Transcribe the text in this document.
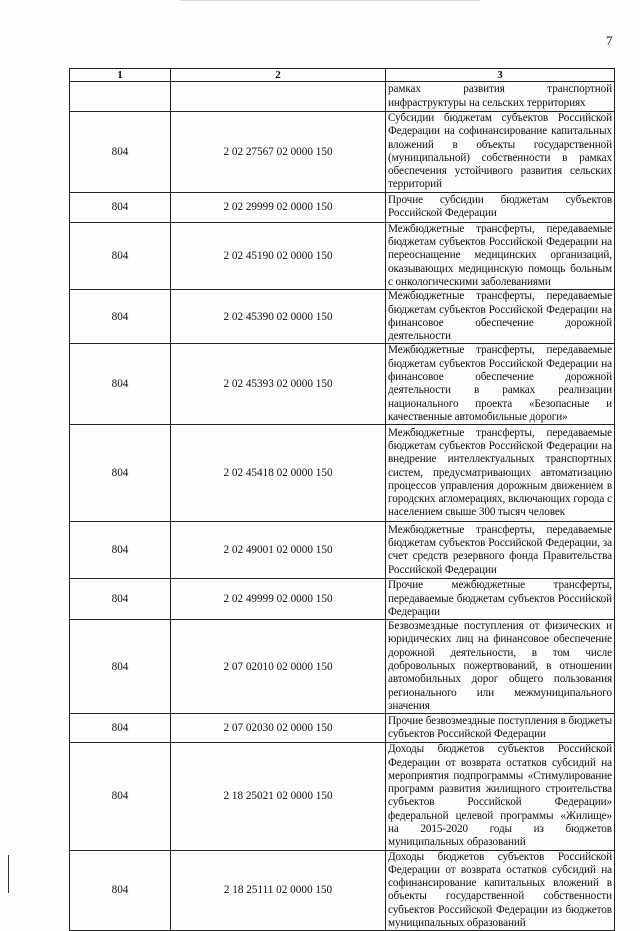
7
1	2	3
		рамках развития транспортной инфраструктуры на сельских территориях
804	2 02 27567 02 0000 150	Субсидии бюджетам субъектов Российской Федерации на софинансирование капитальных вложений в объекты государственной (муниципальной) собственности в рамках обеспечения устойчивого развития сельских территорий
804	2 02 29999 02 0000 150	Прочие субсидии бюджетам субъектов Российской Федерации
804	2 02 45190 02 0000 150	Межбюджетные трансферты, передаваемые бюджетам субъектов Российской Федерации на переоснащение медицинских организаций, оказывающих медицинскую помощь больным с онкологическими заболеваниями
804	2 02 45390 02 0000 150	Межбюджетные трансферты, передаваемые бюджетам субъектов Российской Федерации на финансовое обеспечение дорожной деятельности
804	2 02 45393 02 0000 150	Межбюджетные трансферты, передаваемые бюджетам субъектов Российской Федерации на финансовое обеспечение дорожной деятельности в рамках реализации национального проекта «Безопасные и качественные автомобильные дороги»
804	2 02 45418 02 0000 150	Межбюджетные трансферты, передаваемые бюджетам субъектов Российской Федерации на внедрение интеллектуальных транспортных систем, предусматривающих автоматизацию процессов управления дорожным движением в городских агломерациях, включающих города с населением свыше 300 тысяч человек
804	2 02 49001 02 0000 150	Межбюджетные трансферты, передаваемые бюджетам субъектов Российской Федерации, за счет средств резервного фонда Правительства Российской Федерации
804	2 02 49999 02 0000 150	Прочие межбюджетные трансферты, передаваемые бюджетам субъектов Российской Федерации
804	2 07 02010 02 0000 150	Безвозмездные поступления от физических и юридических лиц на финансовое обеспечение дорожной деятельности, в том числе добровольных пожертвований, в отношении автомобильных дорог общего пользования регионального или межмуниципального значения
804	2 07 02030 02 0000 150	Прочие безвозмездные поступления в бюджеты субъектов Российской Федерации
804	2 18 25021 02 0000 150	Доходы бюджетов субъектов Российской Федерации от возврата остатков субсидий на мероприятия подпрограммы «Стимулирование программ развития жилищного строительства субъектов Российской Федерации» федеральной целевой программы «Жилище» на 2015-2020 годы из бюджетов муниципальных образований
804	2 18 25111 02 0000 150	Доходы бюджетов субъектов Российской Федерации от возврата остатков субсидий на софинансирование капитальных вложений в объекты государственной собственности субъектов Российской Федерации из бюджетов муниципальных образований
